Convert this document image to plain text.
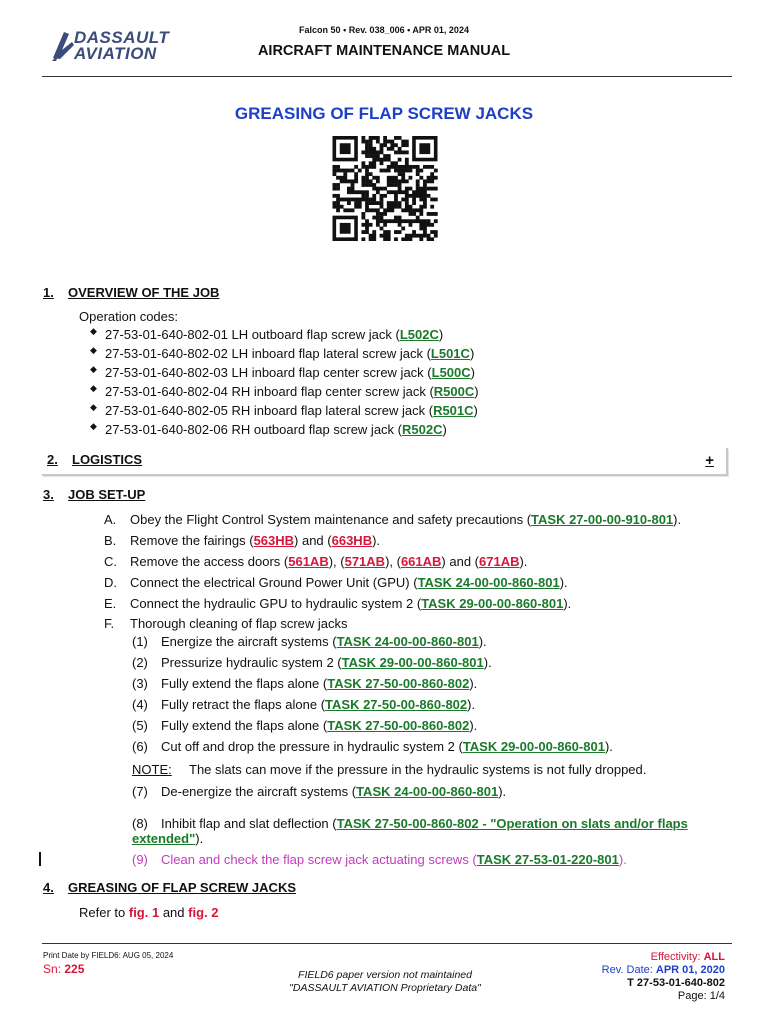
DASSAULT
AVIATION
Falcon 50 • Rev. 038_006 • APR 01, 2024
AIRCRAFT MAINTENANCE MANUAL
GREASING OF FLAP SCREW JACKS
1. OVERVIEW OF THE JOB
Operation codes:
◆ 27-53-01-640-802-01 LH outboard flap screw jack (L502C)
◆ 27-53-01-640-802-02 LH inboard flap lateral screw jack (L501C)
◆ 27-53-01-640-802-03 LH inboard flap center screw jack (L500C)
◆ 27-53-01-640-802-04 RH inboard flap center screw jack (R500C)
◆ 27-53-01-640-802-05 RH inboard flap lateral screw jack (R501C)
◆ 27-53-01-640-802-06 RH outboard flap screw jack (R502C)
2. LOGISTICS	+
3. JOB SET-UP
A. Obey the Flight Control System maintenance and safety precautions (TASK 27-00-00-910-801).
B. Remove the fairings (563HB) and (663HB).
C. Remove the access doors (561AB), (571AB), (661AB) and (671AB).
D. Connect the electrical Ground Power Unit (GPU) (TASK 24-00-00-860-801).
E. Connect the hydraulic GPU to hydraulic system 2 (TASK 29-00-00-860-801).
F. Thorough cleaning of flap screw jacks
(1) Energize the aircraft systems (TASK 24-00-00-860-801).
(2) Pressurize hydraulic system 2 (TASK 29-00-00-860-801).
(3) Fully extend the flaps alone (TASK 27-50-00-860-802).
(4) Fully retract the flaps alone (TASK 27-50-00-860-802).
(5) Fully extend the flaps alone (TASK 27-50-00-860-802).
(6) Cut off and drop the pressure in hydraulic system 2 (TASK 29-00-00-860-801).
NOTE: The slats can move if the pressure in the hydraulic systems is not fully dropped.
(7) De-energize the aircraft systems (TASK 24-00-00-860-801).
(8) Inhibit flap and slat deflection (TASK 27-50-00-860-802 - "Operation on slats and/or flaps
extended").
(9) Clean and check the flap screw jack actuating screws (TASK 27-53-01-220-801).
4. GREASING OF FLAP SCREW JACKS
Refer to fig. 1 and fig. 2
Print Date by FIELD6: AUG 05, 2024
Sn: 225	FIELD6 paper version not maintained
"DASSAULT AVIATION Proprietary Data"
Effectivity: ALL
Rev. Date: APR 01, 2020
T 27-53-01-640-802
Page: 1/4
